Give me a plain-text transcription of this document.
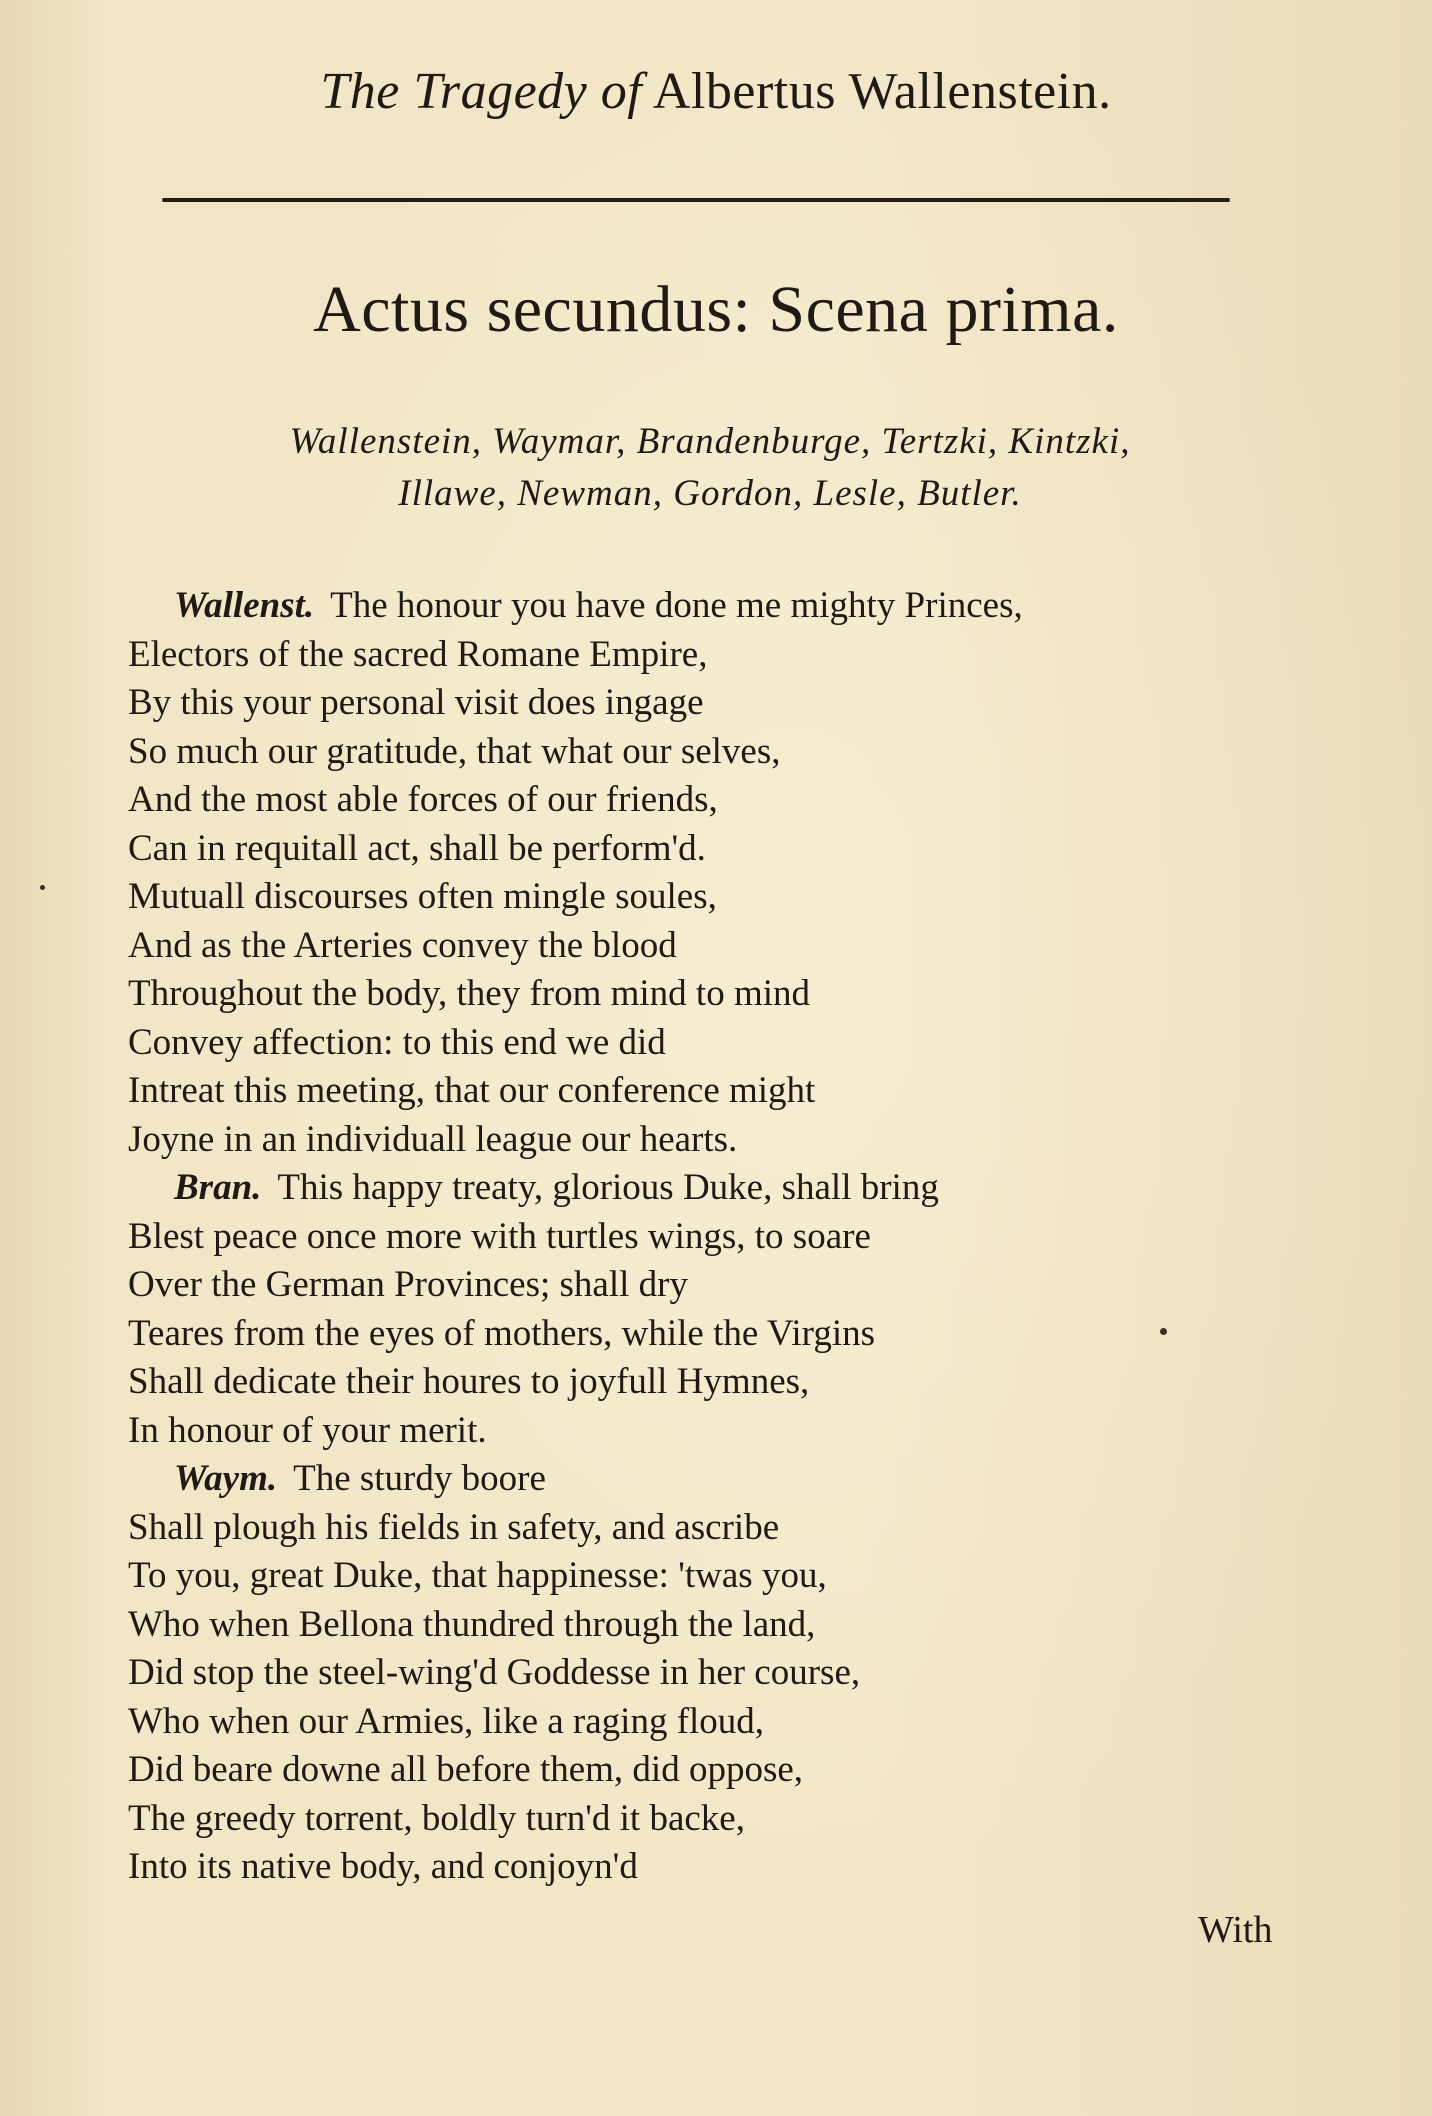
The Tragedy of Albertus Wallenstein.
Actus secundus: Scena prima.
Wallenstein, Waymar, Brandenburge, Tertzki, Kintzki,
Illawe, Newman, Gordon, Lesle, Butler.
Wallenst. The honour you have done me mighty Princes,
Electors of the sacred Romane Empire,
By this your personal visit does ingage
So much our gratitude, that what our selves,
And the most able forces of our friends,
Can in requitall act, shall be perform'd.
Mutuall discourses often mingle soules,
And as the Arteries convey the blood
Throughout the body, they from mind to mind
Convey affection: to this end we did
Intreat this meeting, that our conference might
Joyne in an individuall league our hearts.
Bran. This happy treaty, glorious Duke, shall bring
Blest peace once more with turtles wings, to soare
Over the German Provinces; shall dry
Teares from the eyes of mothers, while the Virgins
Shall dedicate their houres to joyfull Hymnes,
In honour of your merit.
Waym. The sturdy boore
Shall plough his fields in safety, and ascribe
To you, great Duke, that happinesse: 'twas you,
Who when Bellona thundred through the land,
Did stop the steel-wing'd Goddesse in her course,
Who when our Armies, like a raging floud,
Did beare downe all before them, did oppose,
The greedy torrent, boldly turn'd it backe,
Into its native body, and conjoyn'd
With
